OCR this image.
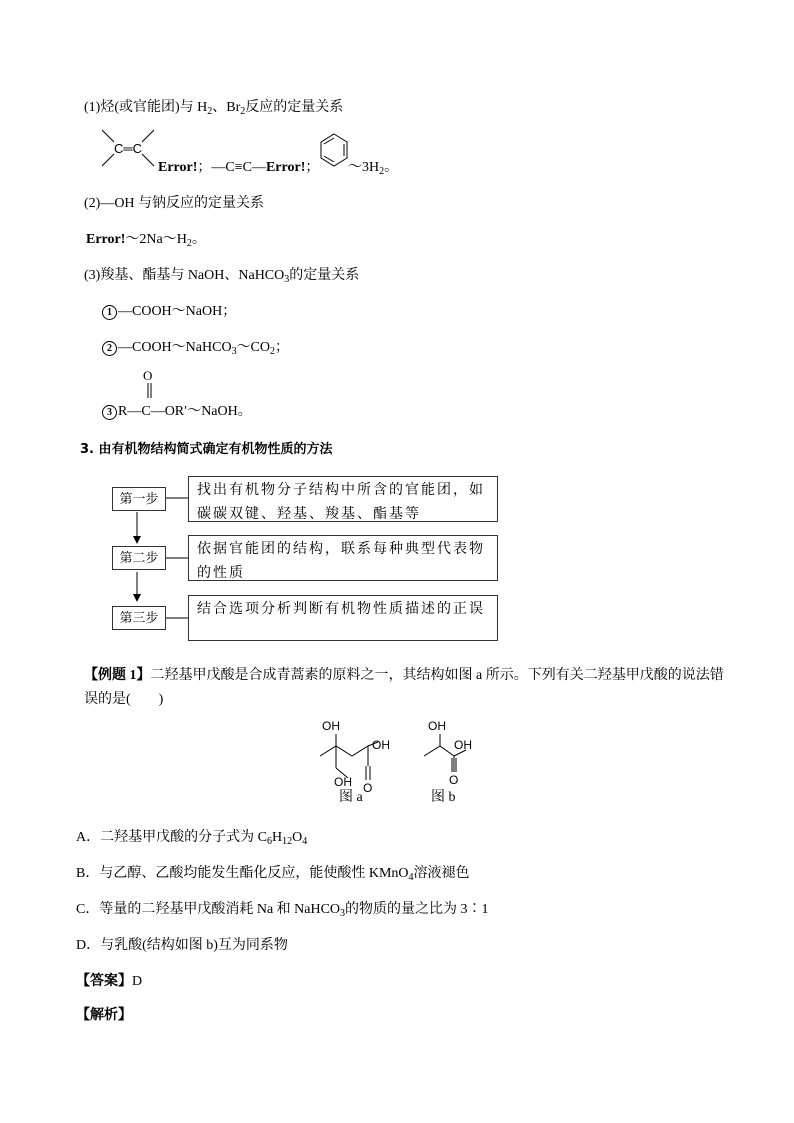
(1)烃(或官能团)与 $H_2$、$Br_2$反应的定量关系
C═C
Error!；—C≡C—Error!； $\sim 3H_2$。
(2)—OH 与钠反应的定量关系
$Error!\sim 2Na\sim H_2$。
(3)羧基、酯基与 NaOH、NaHCO$_3$的定量关系
1 —COOH～NaOH；
2 $—COOH\sim NaHCO_3\sim CO_2$；
O
3 R—C—OR′～NaOH。
3. 由有机物结构简式确定有机物性质的方法
第一步
找出有机物分子结构中所含的官能团，如碳碳双键、羟基、羧基、酯基等
第二步
依据官能团的结构，联系每种典型代表物的性质
第三步
结合选项分析判断有机物性质描述的正误
【例题 1】二羟基甲戊酸是合成青蒿素的原料之一，其结构如图 a 所示。下列有关二羟基甲戊酸的说法错误的是(　　)
OH
OH
OH O
图 a
OH
OH
O
图 b
A．二羟基甲戊酸的分子式为 $C_6H_{12}O_4$
B．与乙醇、乙酸均能发生酯化反应，能使酸性 KMnO$_4$溶液褪色
C．等量的二羟基甲戊酸消耗 Na 和 NaHCO$_3$的物质的量之比为 3∶1
D．与乳酸(结构如图 b)互为同系物
【答案】D
【解析】
